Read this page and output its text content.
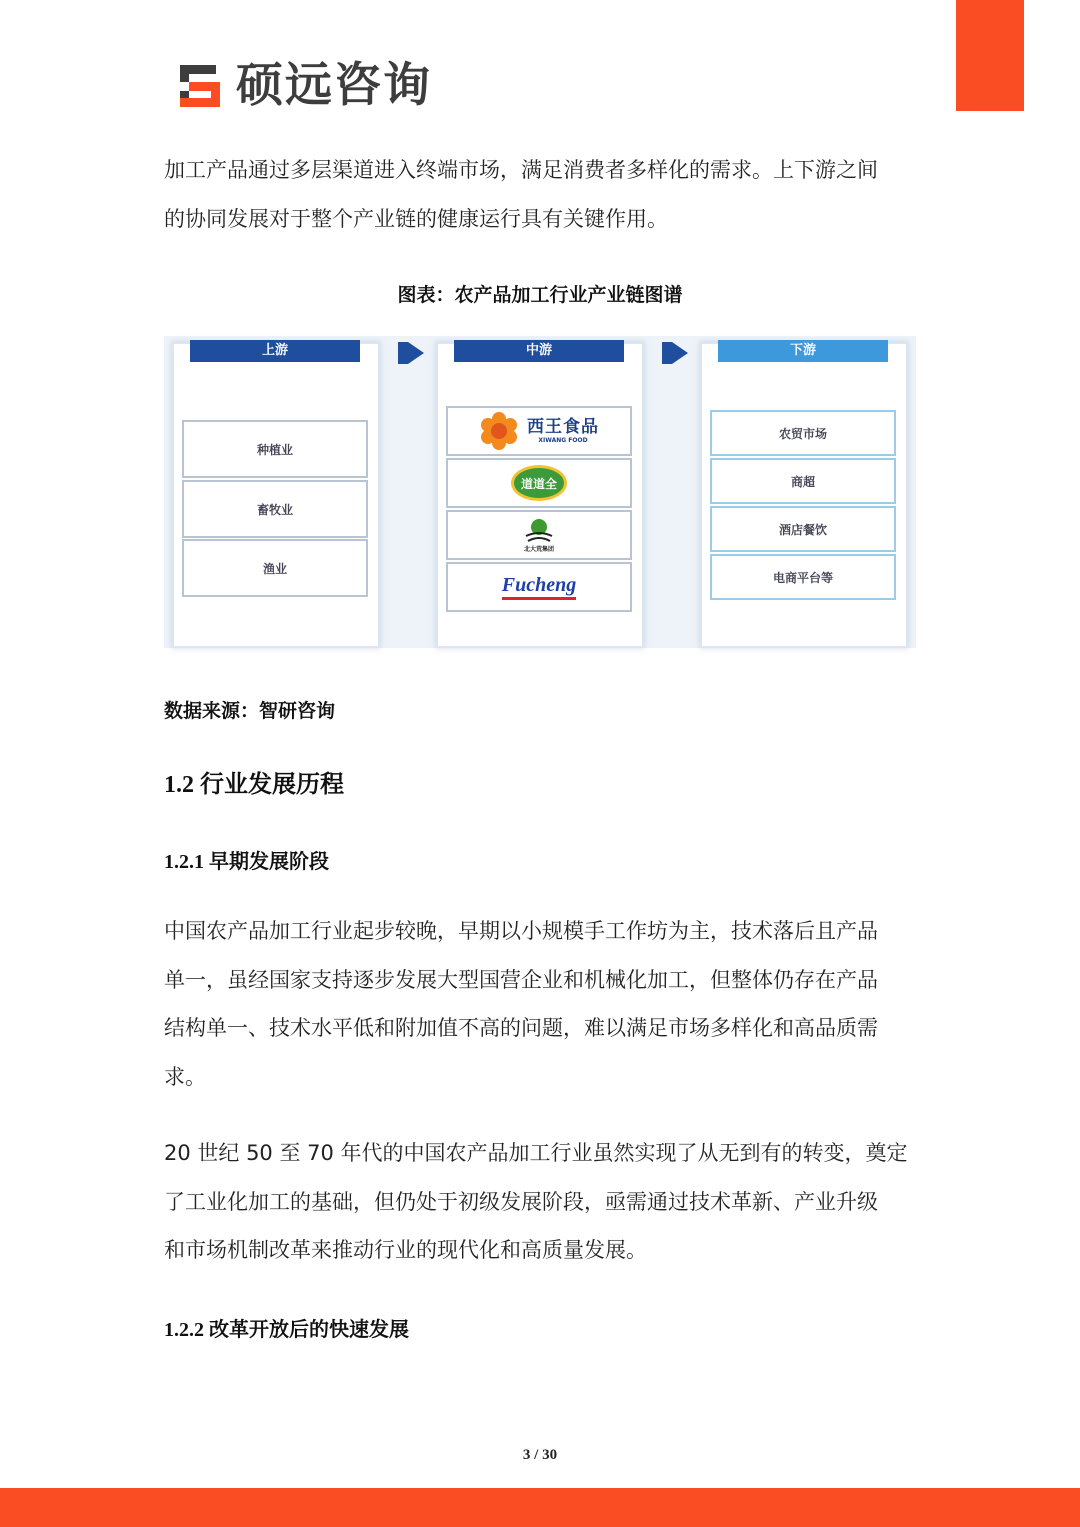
硕远咨询

加工产品通过多层渠道进入终端市场，满足消费者多样化的需求。上下游之间
的协同发展对于整个产业链的健康运行具有关键作用。

图表：农产品加工行业产业链图谱
上游
种植业
畜牧业
渔业
中游
西王食品
XIWANG FOOD
道道全
北大荒集团
Fucheng
下游
农贸市场
商超
酒店餐饮
电商平台等
数据来源：智研咨询
1.2 行业发展历程
1.2.1 早期发展阶段

中国农产品加工行业起步较晚，早期以小规模手工作坊为主，技术落后且产品
单一，虽经国家支持逐步发展大型国营企业和机械化加工，但整体仍存在产品
结构单一、技术水平低和附加值不高的问题，难以满足市场多样化和高品质需
求。

20 世纪 50 至 70 年代的中国农产品加工行业虽然实现了从无到有的转变，奠定
了工业化加工的基础，但仍处于初级发展阶段，亟需通过技术革新、产业升级
和市场机制改革来推动行业的现代化和高质量发展。

1.2.2 改革开放后的快速发展
3 / 30
